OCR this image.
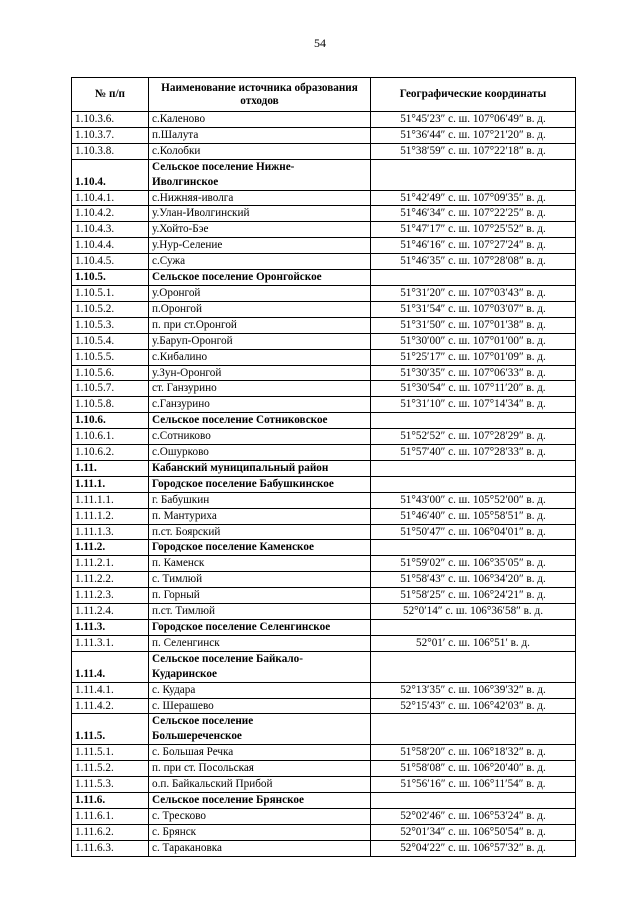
54
№ п/п	Наименование источника образования отходов	Географические координаты
1.10.3.6.	с.Каленово	51°45′23″ с. ш. 107°06′49″ в. д.
1.10.3.7.	п.Шалута	51°36′44″ с. ш. 107°21′20″ в. д.
1.10.3.8.	с.Колобки	51°38′59″ с. ш. 107°22′18″ в. д.
1.10.4.	Сельское поселение Нижне-
Иволгинское	

1.10.4.1.	с.Нижняя-иволга	51°42′49″ с. ш. 107°09′35″ в. д.
1.10.4.2.	у.Улан-Иволгинский	51°46′34″ с. ш. 107°22′25″ в. д.
1.10.4.3.	у.Хойто-Бэе	51°47′17″ с. ш. 107°25′52″ в. д.
1.10.4.4.	у.Нур-Селение	51°46′16″ с. ш. 107°27′24″ в. д.
1.10.4.5.	с.Сужа	51°46′35″ с. ш. 107°28′08″ в. д.
1.10.5.	Сельское поселение Оронгойское	
1.10.5.1.	у.Оронгой	51°31′20″ с. ш. 107°03′43″ в. д.
1.10.5.2.	п.Оронгой	51°31′54″ с. ш. 107°03′07″ в. д.
1.10.5.3.	п. при ст.Оронгой	51°31′50″ с. ш. 107°01′38″ в. д.
1.10.5.4.	у.Баруп-Оронгой	51°30′00″ с. ш. 107°01′00″ в. д.
1.10.5.5.	с.Кибалино	51°25′17″ с. ш. 107°01′09″ в. д.
1.10.5.6.	у.Зун-Оронгой	51°30′35″ с. ш. 107°06′33″ в. д.
1.10.5.7.	ст. Ганзурино	51°30′54″ с. ш. 107°11′20″ в. д.
1.10.5.8.	с.Ганзурино	51°31′10″ с. ш. 107°14′34″ в. д.
1.10.6.	Сельское поселение Сотниковское	
1.10.6.1.	с.Сотниково	51°52′52″ с. ш. 107°28′29″ в. д.
1.10.6.2.	с.Ошурково	51°57′40″ с. ш. 107°28′33″ в. д.
1.11.	Кабанский муниципальный район	
1.11.1.	Городское поселение Бабушкинское	
1.11.1.1.	г. Бабушкин	51°43′00″ с. ш. 105°52′00″ в. д.
1.11.1.2.	п. Мантуриха	51°46′40″ с. ш. 105°58′51″ в. д.
1.11.1.3.	п.ст. Боярский	51°50′47″ с. ш. 106°04′01″ в. д.
1.11.2.	Городское поселение Каменское	
1.11.2.1.	п. Каменск	51°59′02″ с. ш. 106°35′05″ в. д.
1.11.2.2.	с. Тимлюй	51°58′43″ с. ш. 106°34′20″ в. д.
1.11.2.3.	п. Горный	51°58′25″ с. ш. 106°24′21″ в. д.
1.11.2.4.	п.ст. Тимлюй	52°0′14″ с. ш. 106°36′58″ в. д.
1.11.3.	Городское поселение Селенгинское	
1.11.3.1.	п. Селенгинск	52°01′ с. ш. 106°51′ в. д.
1.11.4.	Сельское поселение Байкало-
Кударинское	

1.11.4.1.	с. Кудара	52°13′35″ с. ш. 106°39′32″ в. д.
1.11.4.2.	с. Шерашево	52°15′43″ с. ш. 106°42′03″ в. д.
1.11.5.	Сельское поселение
Большереченское	

1.11.5.1.	с. Большая Речка	51°58′20″ с. ш. 106°18′32″ в. д.
1.11.5.2.	п. при ст. Посольская	51°58′08″ с. ш. 106°20′40″ в. д.
1.11.5.3.	о.п. Байкальский Прибой	51°56′16″ с. ш. 106°11′54″ в. д.
1.11.6.	Сельское поселение Брянское	
1.11.6.1.	с. Тресково	52°02′46″ с. ш. 106°53′24″ в. д.
1.11.6.2.	с. Брянск	52°01′34″ с. ш. 106°50′54″ в. д.
1.11.6.3.	с. Таракановка	52°04′22″ с. ш. 106°57′32″ в. д.
